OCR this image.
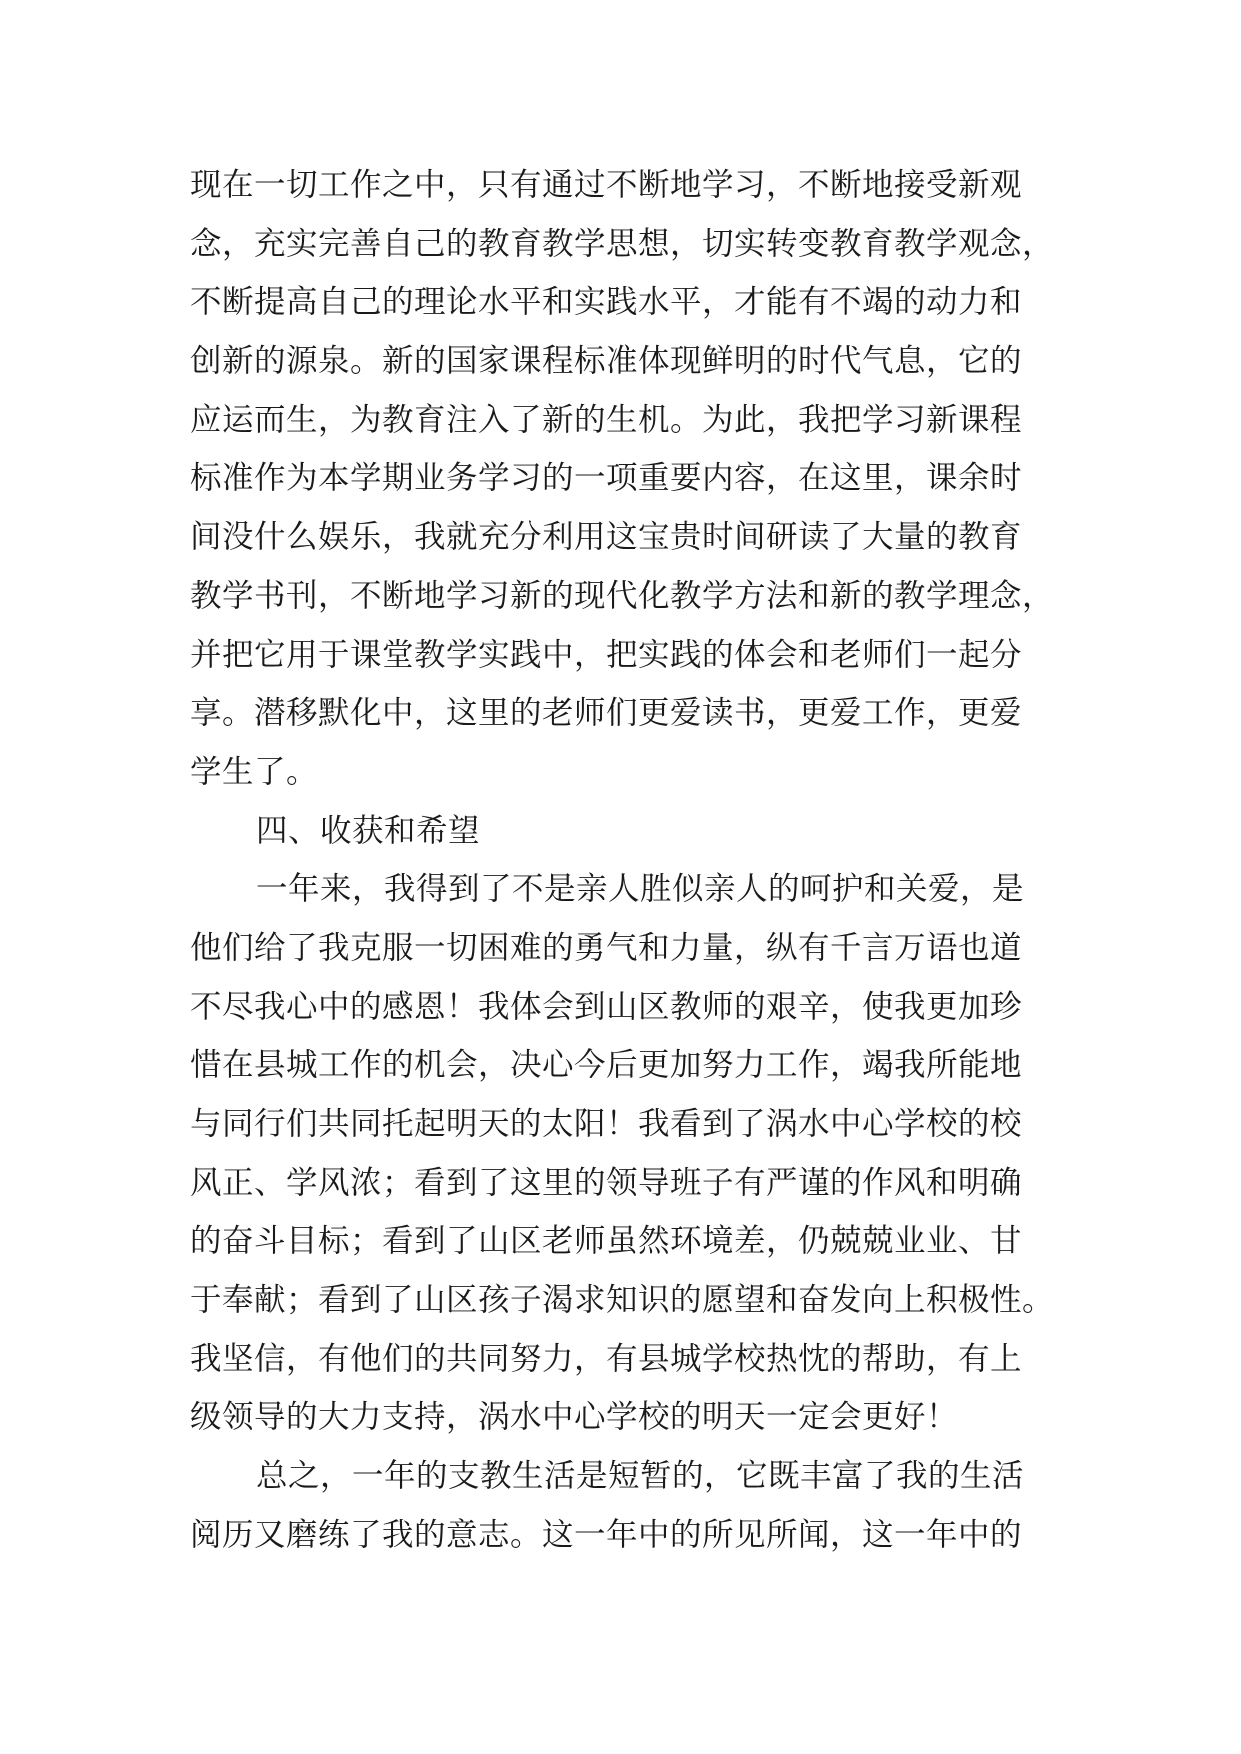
现在一切工作之中，只有通过不断地学习，不断地接受新观
念，充实完善自己的教育教学思想，切实转变教育教学观念，
不断提高自己的理论水平和实践水平，才能有不竭的动力和
创新的源泉。新的国家课程标准体现鲜明的时代气息，它的
应运而生，为教育注入了新的生机。为此，我把学习新课程
标准作为本学期业务学习的一项重要内容，在这里，课余时
间没什么娱乐，我就充分利用这宝贵时间研读了大量的教育
教学书刊，不断地学习新的现代化教学方法和新的教学理念，
并把它用于课堂教学实践中，把实践的体会和老师们一起分
享。潜移默化中，这里的老师们更爱读书，更爱工作，更爱
学生了。
四、收获和希望
一年来，我得到了不是亲人胜似亲人的呵护和关爱，是
他们给了我克服一切困难的勇气和力量，纵有千言万语也道
不尽我心中的感恩！我体会到山区教师的艰辛，使我更加珍
惜在县城工作的机会，决心今后更加努力工作，竭我所能地
与同行们共同托起明天的太阳！我看到了涡水中心学校的校
风正、学风浓；看到了这里的领导班子有严谨的作风和明确
的奋斗目标；看到了山区老师虽然环境差，仍兢兢业业、甘
于奉献；看到了山区孩子渴求知识的愿望和奋发向上积极性。
我坚信，有他们的共同努力，有县城学校热忱的帮助，有上
级领导的大力支持，涡水中心学校的明天一定会更好！
总之，一年的支教生活是短暂的，它既丰富了我的生活
阅历又磨练了我的意志。这一年中的所见所闻，这一年中的
